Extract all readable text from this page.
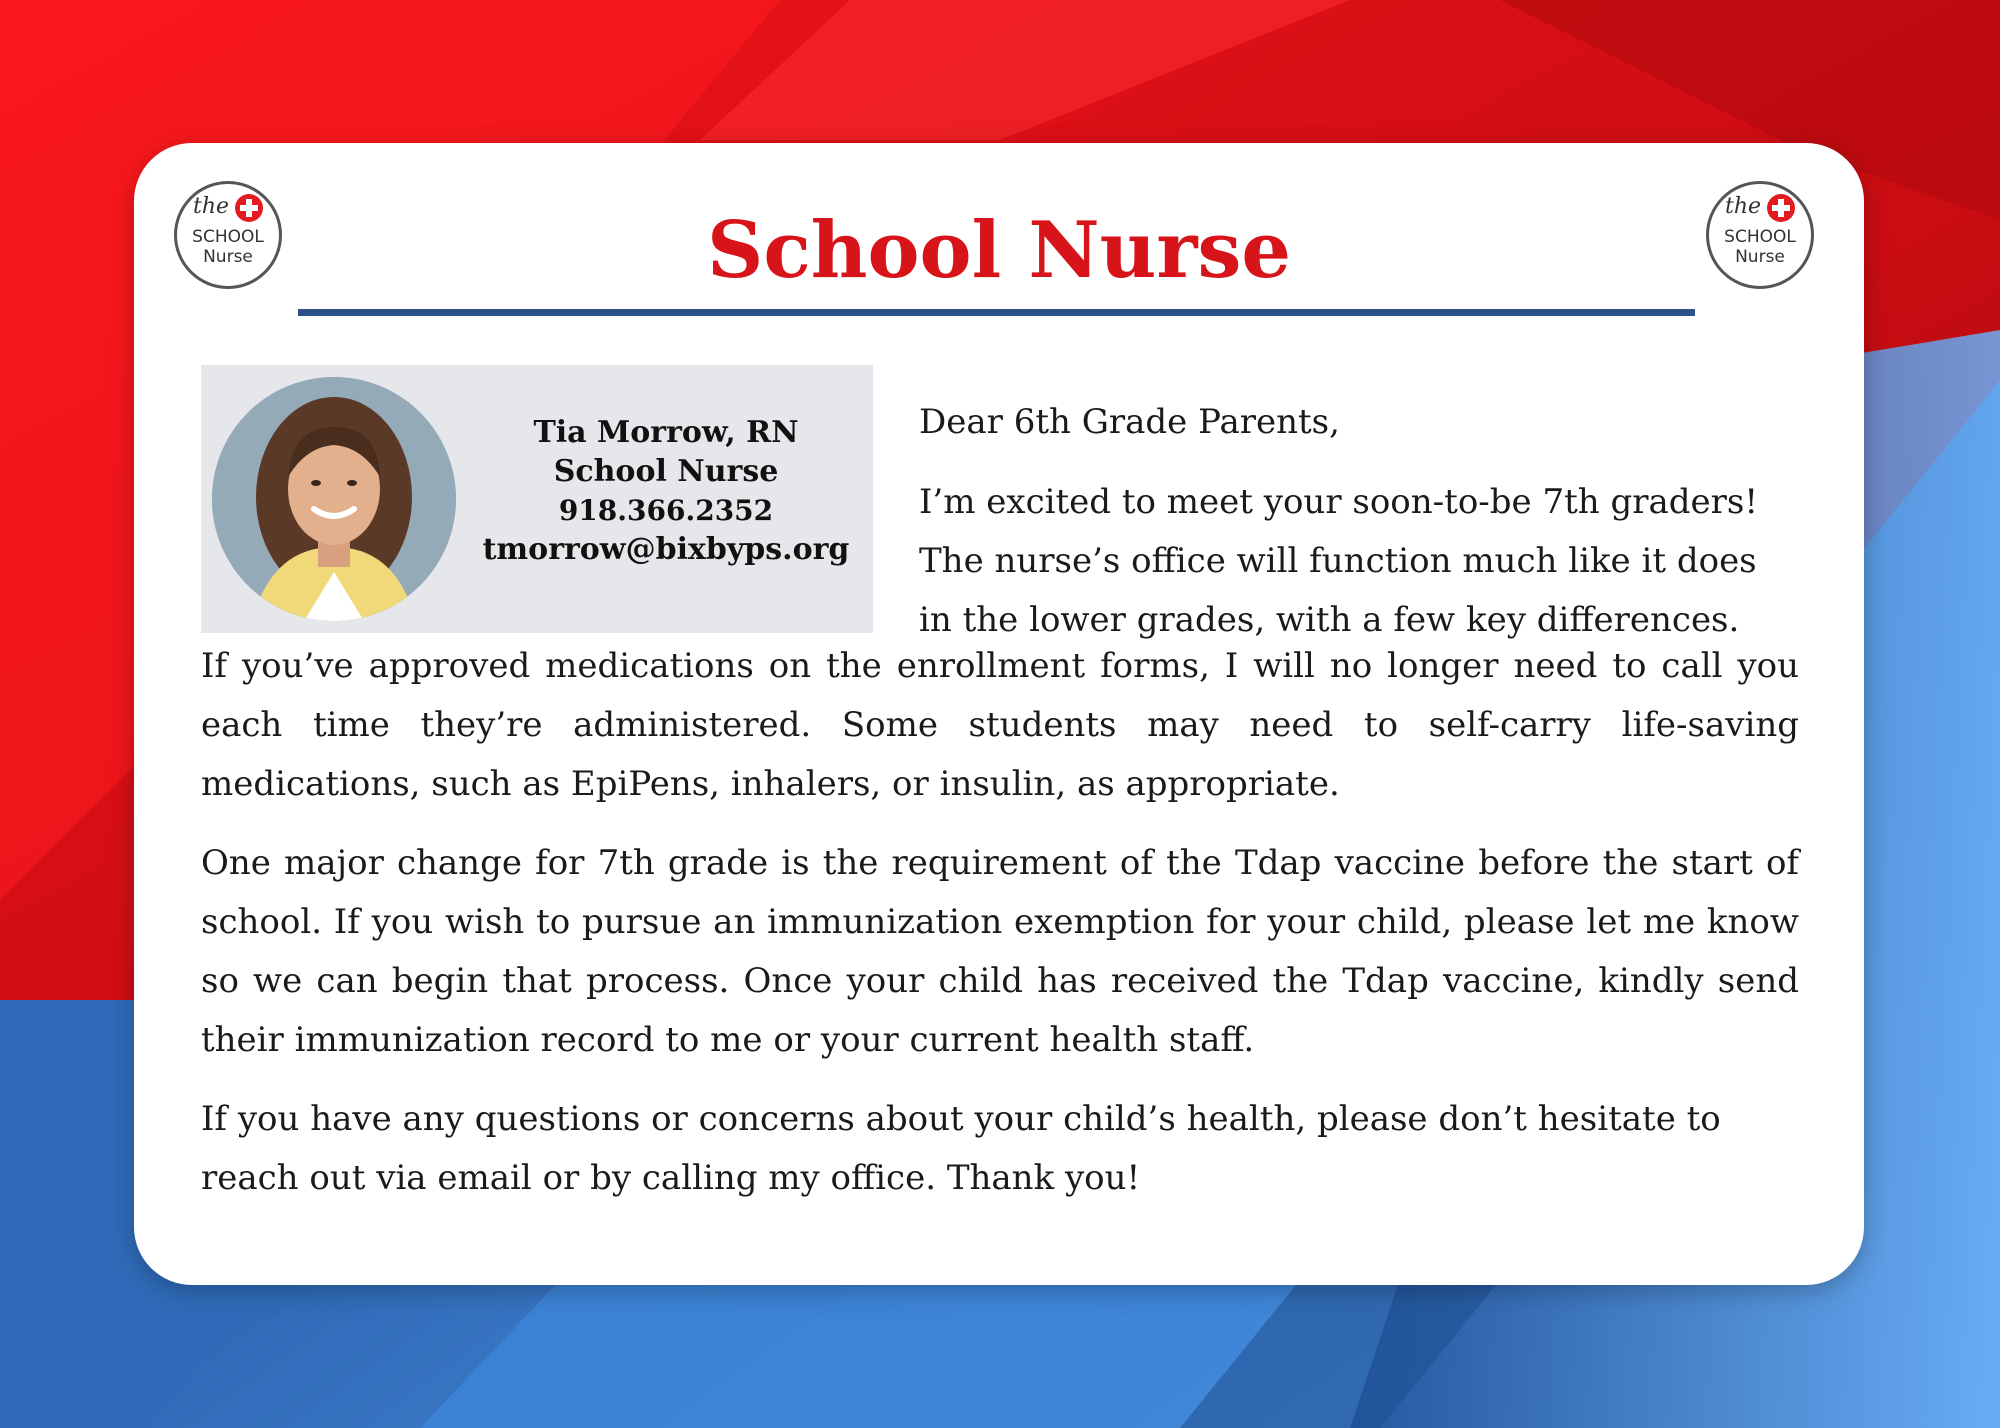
the
SCHOOL
Nurse
the
SCHOOL
Nurse
School Nurse
Tia Morrow, RN
School Nurse
918.366.2352
tmorrow@bixbyps.org

Dear 6th Grade Parents,

I’m excited to meet your soon-to-be 7th graders! The nurse’s office will function much like it does in the lower grades, with a few key differences.

If you’ve approved medications on the enrollment forms, I will no longer need to call you each time they’re administered. Some students may need to self-carry life-saving medications, such as EpiPens, inhalers, or insulin, as appropriate.

One major change for 7th grade is the requirement of the Tdap vaccine before the start of school. If you wish to pursue an immunization exemption for your child, please let me know so we can begin that process. Once your child has received the Tdap vaccine, kindly send their immunization record to me or your current health staff.

If you have any questions or concerns about your child’s health, please don’t hesitate to reach out via email or by calling my office. Thank you!
